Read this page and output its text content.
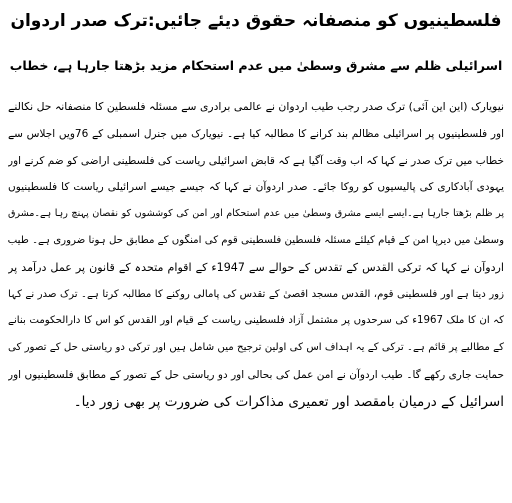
فلسطینیوں کو منصفانہ حقوق دیئے جائیں:ترک صدر اردوان
اسرائیلی ظلم سے مشرق وسطیٰ میں عدم استحکام مزید بڑھتا جارہا ہے، خطاب
نیویارک (این این آئی) ترک صدر رجب طیب اردوان نے عالمی برادری سے مسئلہ فلسطین کا منصفانہ حل نکالنے
اور فلسطینیوں پر اسرائیلی مظالم بند کرانے کا مطالبہ کیا ہے۔ نیویارک میں جنرل اسمبلی کے 76ویں اجلاس سے
خطاب میں ترک صدر نے کہا کہ اب وقت آگیا ہے کہ قابض اسرائیلی ریاست کی فلسطینی اراضی کو ضم کرنے اور
یہودی آبادکاری کی پالیسیوں کو روکا جائے۔ صدر اردوآن نے کہا کہ جیسے جیسے اسرائیلی ریاست کا فلسطینیوں
پر ظلم بڑھتا جارہا ہے۔ایسے ایسے مشرق وسطیٰ میں عدم استحکام اور امن کی کوششوں کو نقصان پہنچ رہا ہے۔مشرق
وسطیٰ میں دیرپا امن کے قیام کیلئے مسئلہ فلسطین فلسطینی قوم کی امنگوں کے مطابق حل ہونا ضروری ہے۔ طیب
اردوآن نے کہا کہ ترکی القدس کے تقدس کے حوالے سے 1947ء کے اقوام متحدہ کے قانون پر عمل درآمد پر
زور دیتا ہے اور فلسطینی قوم، القدس مسجد اقصیٰ کے تقدس کی پامالی روکنے کا مطالبہ کرتا ہے۔ ترک صدر نے کہا
کہ ان کا ملک 1967ء کی سرحدوں پر مشتمل آزاد فلسطینی ریاست کے قیام اور القدس کو اس کا دارالحکومت بنانے
کے مطالبے پر قائم ہے۔ ترکی کے یہ اہداف اس کی اولین ترجیح میں شامل ہیں اور ترکی دو ریاستی حل کے تصور کی
حمایت جاری رکھے گا۔ طیب اردوآن نے امن عمل کی بحالی اور دو ریاستی حل کے تصور کے مطابق فلسطینیوں اور
اسرائیل کے درمیان بامقصد اور تعمیری مذاکرات کی ضرورت پر بھی زور دیا۔
